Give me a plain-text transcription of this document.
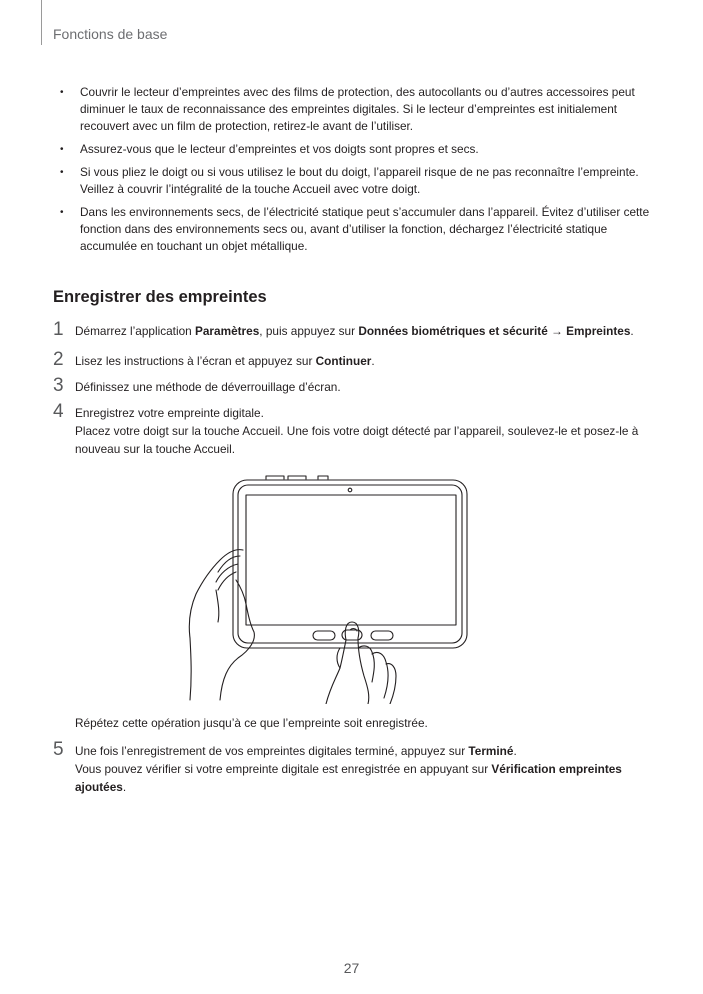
Fonctions de base
• Couvrir le lecteur d’empreintes avec des films de protection, des autocollants ou d’autres accessoires peut diminuer le taux de reconnaissance des empreintes digitales. Si le lecteur d’empreintes est initialement recouvert avec un film de protection, retirez-le avant de l’utiliser.
• Assurez-vous que le lecteur d’empreintes et vos doigts sont propres et secs.
• Si vous pliez le doigt ou si vous utilisez le bout du doigt, l’appareil risque de ne pas reconnaître l’empreinte. Veillez à couvrir l’intégralité de la touche Accueil avec votre doigt.
• Dans les environnements secs, de l’électricité statique peut s’accumuler dans l’appareil. Évitez d’utiliser cette fonction dans des environnements secs ou, avant d’utiliser la fonction, déchargez l’électricité statique accumulée en touchant un objet métallique.
Enregistrer des empreintes
1 Démarrez l’application Paramètres, puis appuyez sur Données biométriques et sécurité → Empreintes.

2 Lisez les instructions à l’écran et appuyez sur Continuer.

3 Définissez une méthode de déverrouillage d’écran.

4 Enregistrez votre empreinte digitale.

Placez votre doigt sur la touche Accueil. Une fois votre doigt détecté par l’appareil, soulevez-le et posez-le à nouveau sur la touche Accueil.

Répétez cette opération jusqu’à ce que l’empreinte soit enregistrée.
5 Une fois l’enregistrement de vos empreintes digitales terminé, appuyez sur Terminé.

Vous pouvez vérifier si votre empreinte digitale est enregistrée en appuyant sur Vérification empreintes ajoutées.

27
